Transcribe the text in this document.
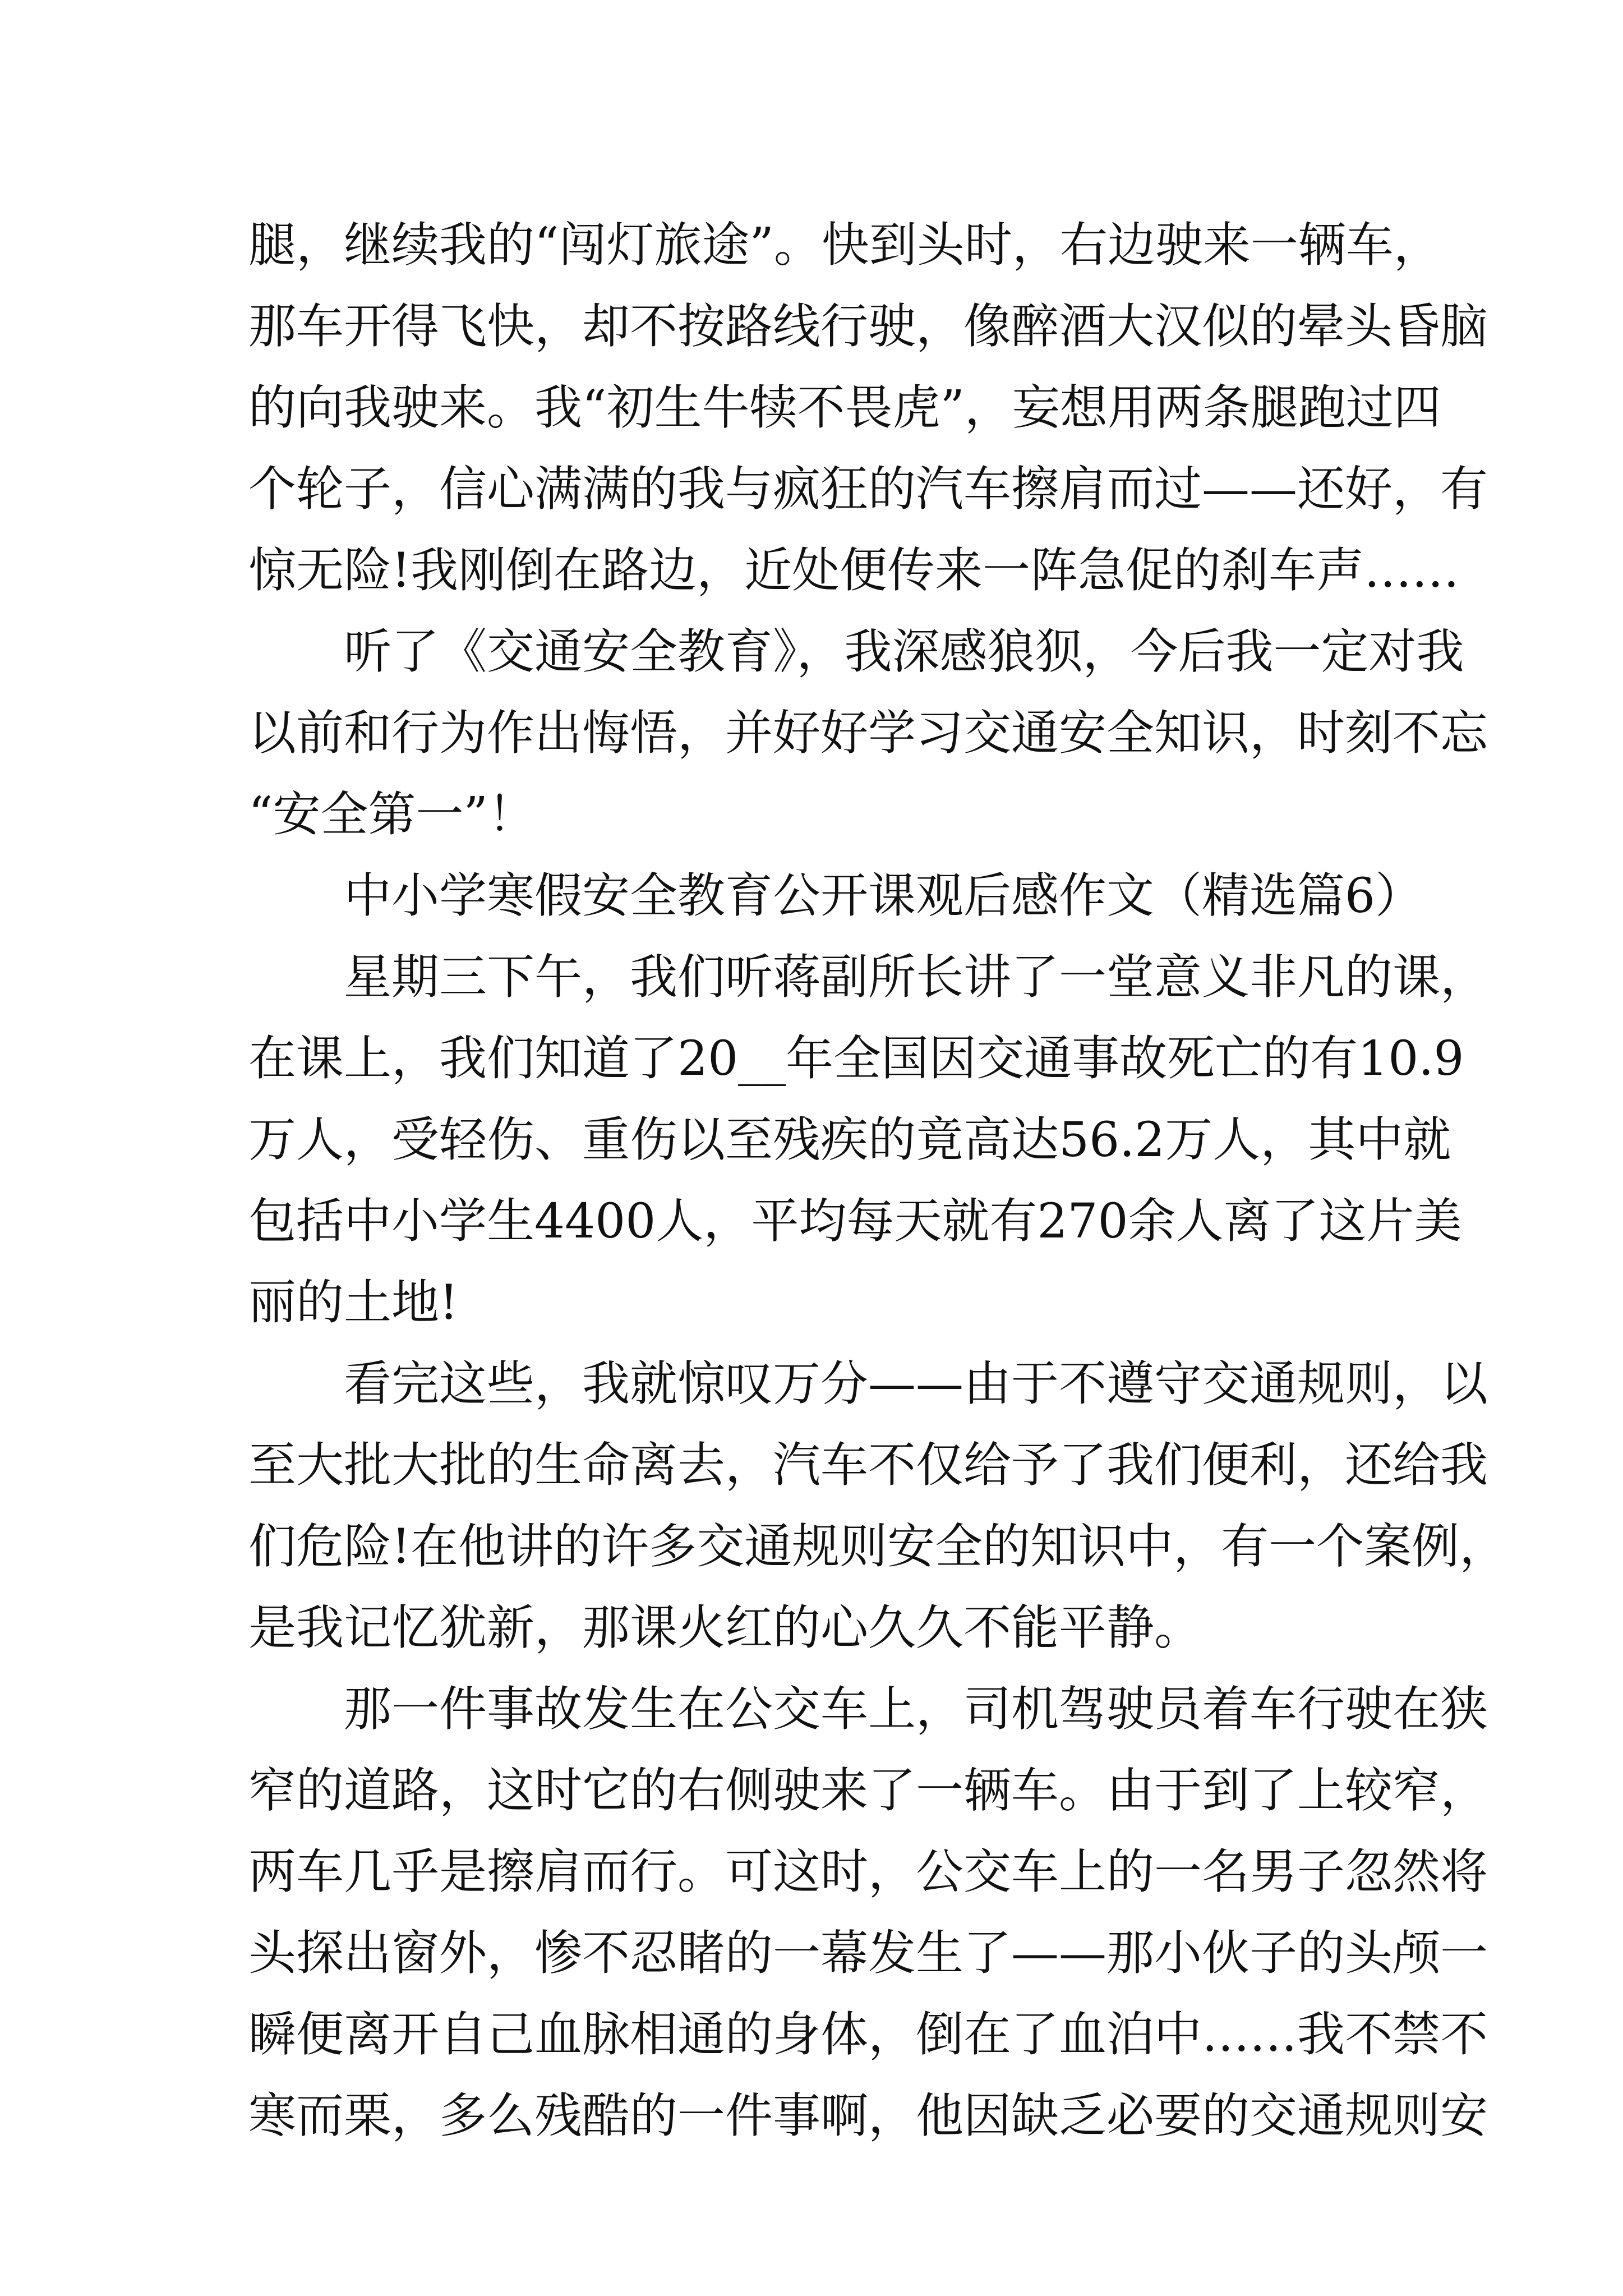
腿，继续我的“闯灯旅途”。快到头时，右边驶来一辆车，
那车开得飞快，却不按路线行驶，像醉酒大汉似的晕头昏脑
的向我驶来。我“初生牛犊不畏虎”，妄想用两条腿跑过四
个轮子，信心满满的我与疯狂的汽车擦肩而过——还好，有
惊无险!我刚倒在路边，近处便传来一阵急促的刹车声……
听了《交通安全教育》，我深感狼狈，今后我一定对我
以前和行为作出悔悟，并好好学习交通安全知识，时刻不忘
“安全第一”！
中小学寒假安全教育公开课观后感作文（精选篇6）
星期三下午，我们听蒋副所长讲了一堂意义非凡的课，
在课上，我们知道了20__年全国因交通事故死亡的有10.9
万人，受轻伤、重伤以至残疾的竟高达56.2万人，其中就
包括中小学生4400人，平均每天就有270余人离了这片美
丽的土地!
看完这些，我就惊叹万分——由于不遵守交通规则，以
至大批大批的生命离去，汽车不仅给予了我们便利，还给我
们危险!在他讲的许多交通规则安全的知识中，有一个案例，
是我记忆犹新，那课火红的心久久不能平静。
那一件事故发生在公交车上，司机驾驶员着车行驶在狭
窄的道路，这时它的右侧驶来了一辆车。由于到了上较窄，
两车几乎是擦肩而行。可这时，公交车上的一名男子忽然将
头探出窗外，惨不忍睹的一幕发生了——那小伙子的头颅一
瞬便离开自己血脉相通的身体，倒在了血泊中……我不禁不
寒而栗，多么残酷的一件事啊，他因缺乏必要的交通规则安
